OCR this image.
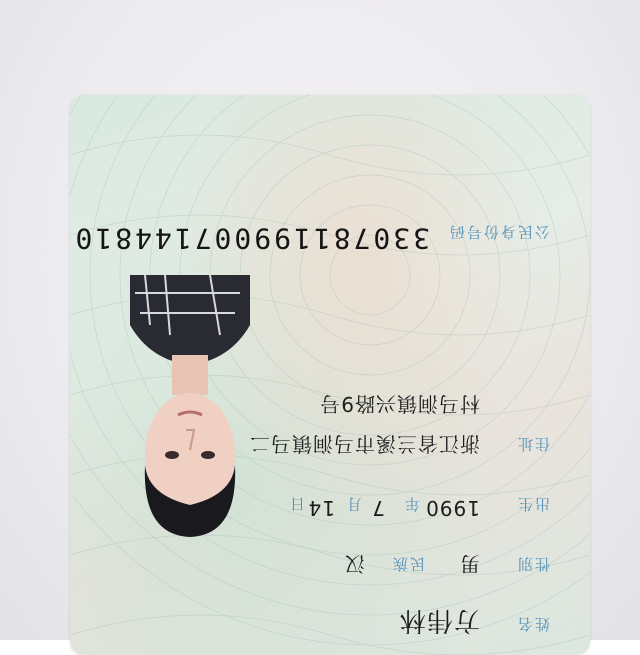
姓名
方伟林
性别
男
民族
汉
出生
1990
年
7
月
14
日
住址
浙江省兰溪市马涧镇马二
村马涧镇兴路9号
公民身份号码
330781199007144810
